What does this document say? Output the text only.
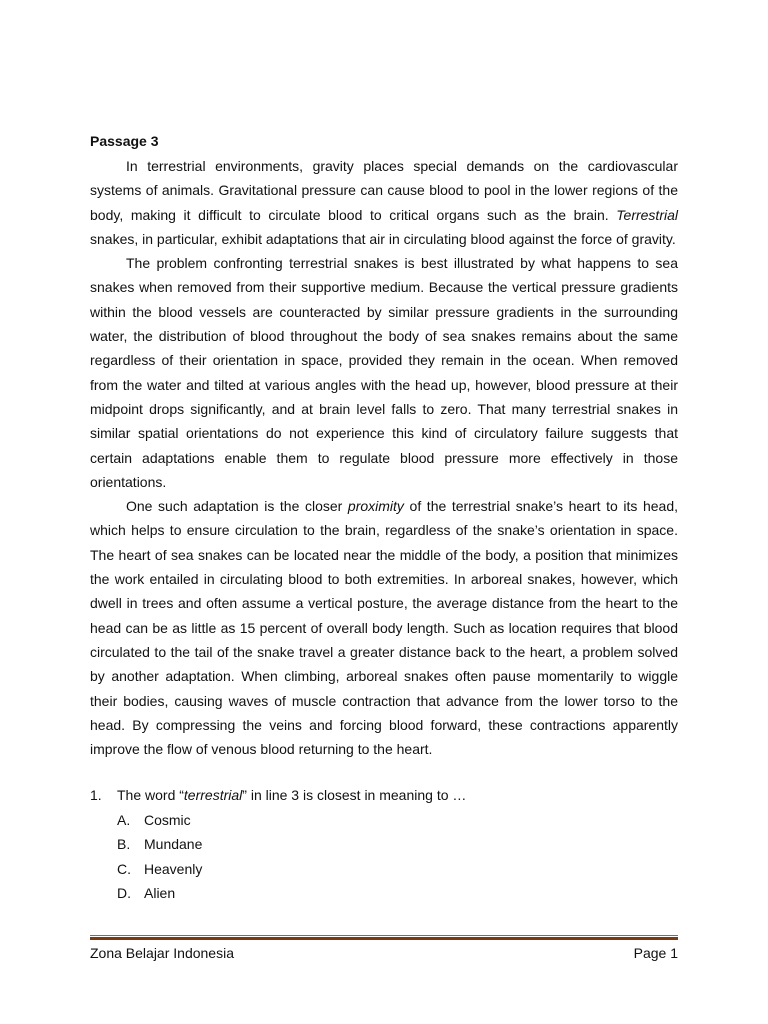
Passage 3

In terrestrial environments, gravity places special demands on the cardiovascular systems of animals. Gravitational pressure can cause blood to pool in the lower regions of the body, making it difficult to circulate blood to critical organs such as the brain. Terrestrial snakes, in particular, exhibit adaptations that air in circulating blood against the force of gravity.

The problem confronting terrestrial snakes is best illustrated by what happens to sea snakes when removed from their supportive medium. Because the vertical pressure gradients within the blood vessels are counteracted by similar pressure gradients in the surrounding water, the distribution of blood throughout the body of sea snakes remains about the same regardless of their orientation in space, provided they remain in the ocean. When removed from the water and tilted at various angles with the head up, however, blood pressure at their midpoint drops significantly, and at brain level falls to zero. That many terrestrial snakes in similar spatial orientations do not experience this kind of circulatory failure suggests that certain adaptations enable them to regulate blood pressure more effectively in those orientations.

One such adaptation is the closer proximity of the terrestrial snake’s heart to its head, which helps to ensure circulation to the brain, regardless of the snake’s orientation in space. The heart of sea snakes can be located near the middle of the body, a position that minimizes the work entailed in circulating blood to both extremities. In arboreal snakes, however, which dwell in trees and often assume a vertical posture, the average distance from the heart to the head can be as little as 15 percent of overall body length. Such as location requires that blood circulated to the tail of the snake travel a greater distance back to the heart, a problem solved by another adaptation. When climbing, arboreal snakes often pause momentarily to wiggle their bodies, causing waves of muscle contraction that advance from the lower torso to the head. By compressing the veins and forcing blood forward, these contractions apparently improve the flow of venous blood returning to the heart.

1.	The word “terrestrial” in line 3 is closest in meaning to …
A. Cosmic
B. Mundane
C. Heavenly
D. Alien
Zona Belajar Indonesia	Page 1
